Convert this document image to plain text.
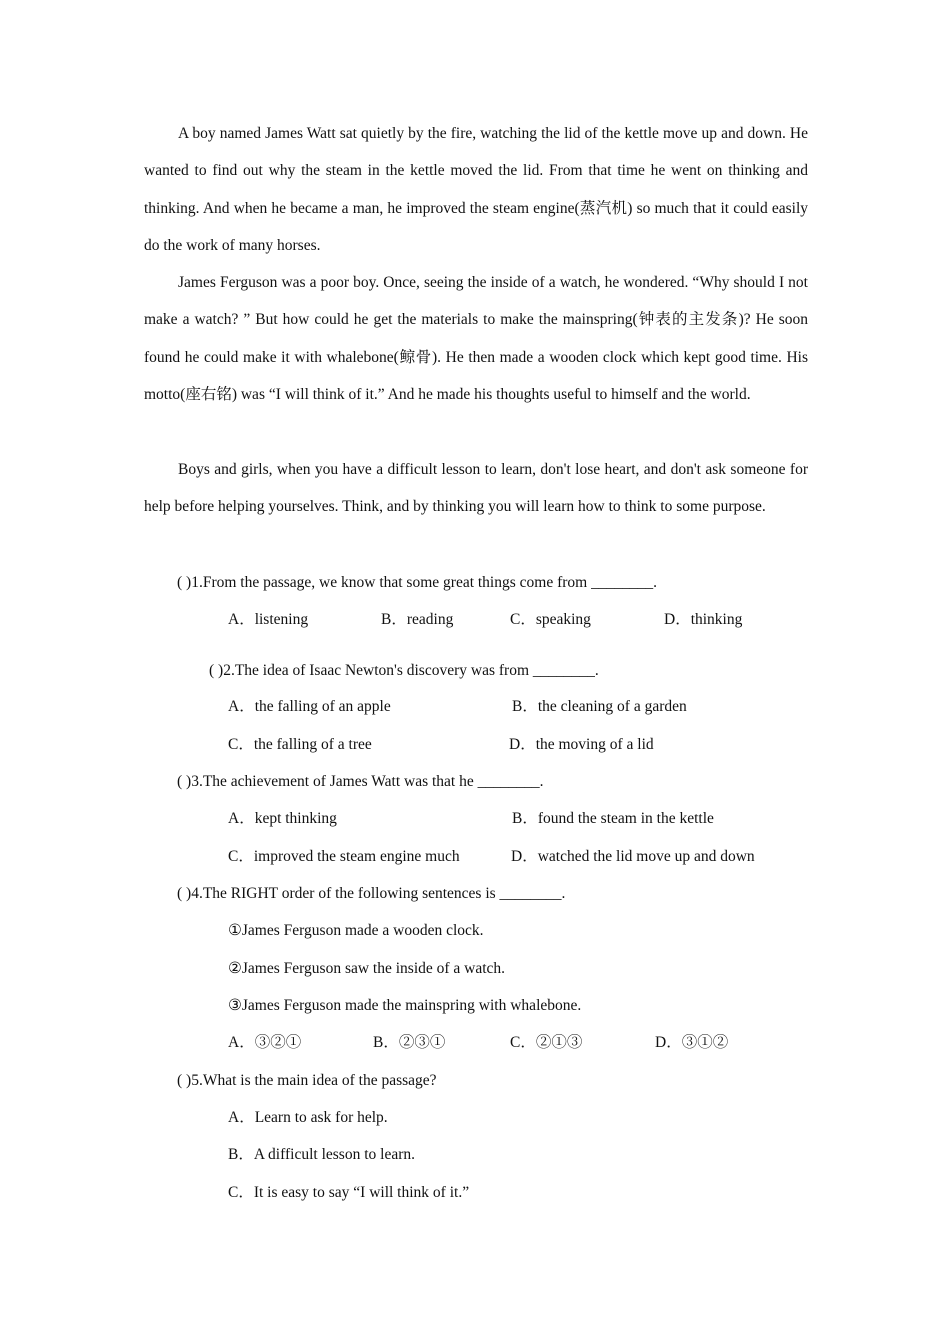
A boy named James Watt sat quietly by the fire, watching the lid of the kettle move up and down. He wanted to find out why the steam in the kettle moved the lid. From that time he went on thinking and thinking. And when he became a man, he improved the steam engine(蒸汽机) so much that it could easily do the work of many horses.

James Ferguson was a poor boy. Once, seeing the inside of a watch, he wondered. “Why should I not make a watch? ” But how could he get the materials to make the mainspring(钟表的主发条)? He soon found he could make it with whalebone(鲸骨). He then made a wooden clock which kept good time. His motto(座右铭) was “I will think of it.” And he made his thoughts useful to himself and the world.

Boys and girls, when you have a difficult lesson to learn, don't lose heart, and don't ask someone for help before helping yourselves. Think, and by thinking you will learn how to think to some purpose.

( )1.From the passage, we know that some great things come from ________.
A．listening	B．reading	C．speaking	D．thinking
( )2.The idea of Isaac Newton's discovery was from ________.
A．the falling of an apple	B．the cleaning of a garden
C．the falling of a tree	D．the moving of a lid
( )3.The achievement of James Watt was that he ________.
A．kept thinking	B．found the steam in the kettle
C．improved the steam engine much	D．watched the lid move up and down
( )4.The RIGHT order of the following sentences is ________.
①James Ferguson made a wooden clock.
②James Ferguson saw the inside of a watch.
③James Ferguson made the mainspring with whalebone.
A．③②①	B．②③①	C．②①③	D．③①②
( )5.What is the main idea of the passage?
A．Learn to ask for help.
B．A difficult lesson to learn.
C．It is easy to say “I will think of it.”
